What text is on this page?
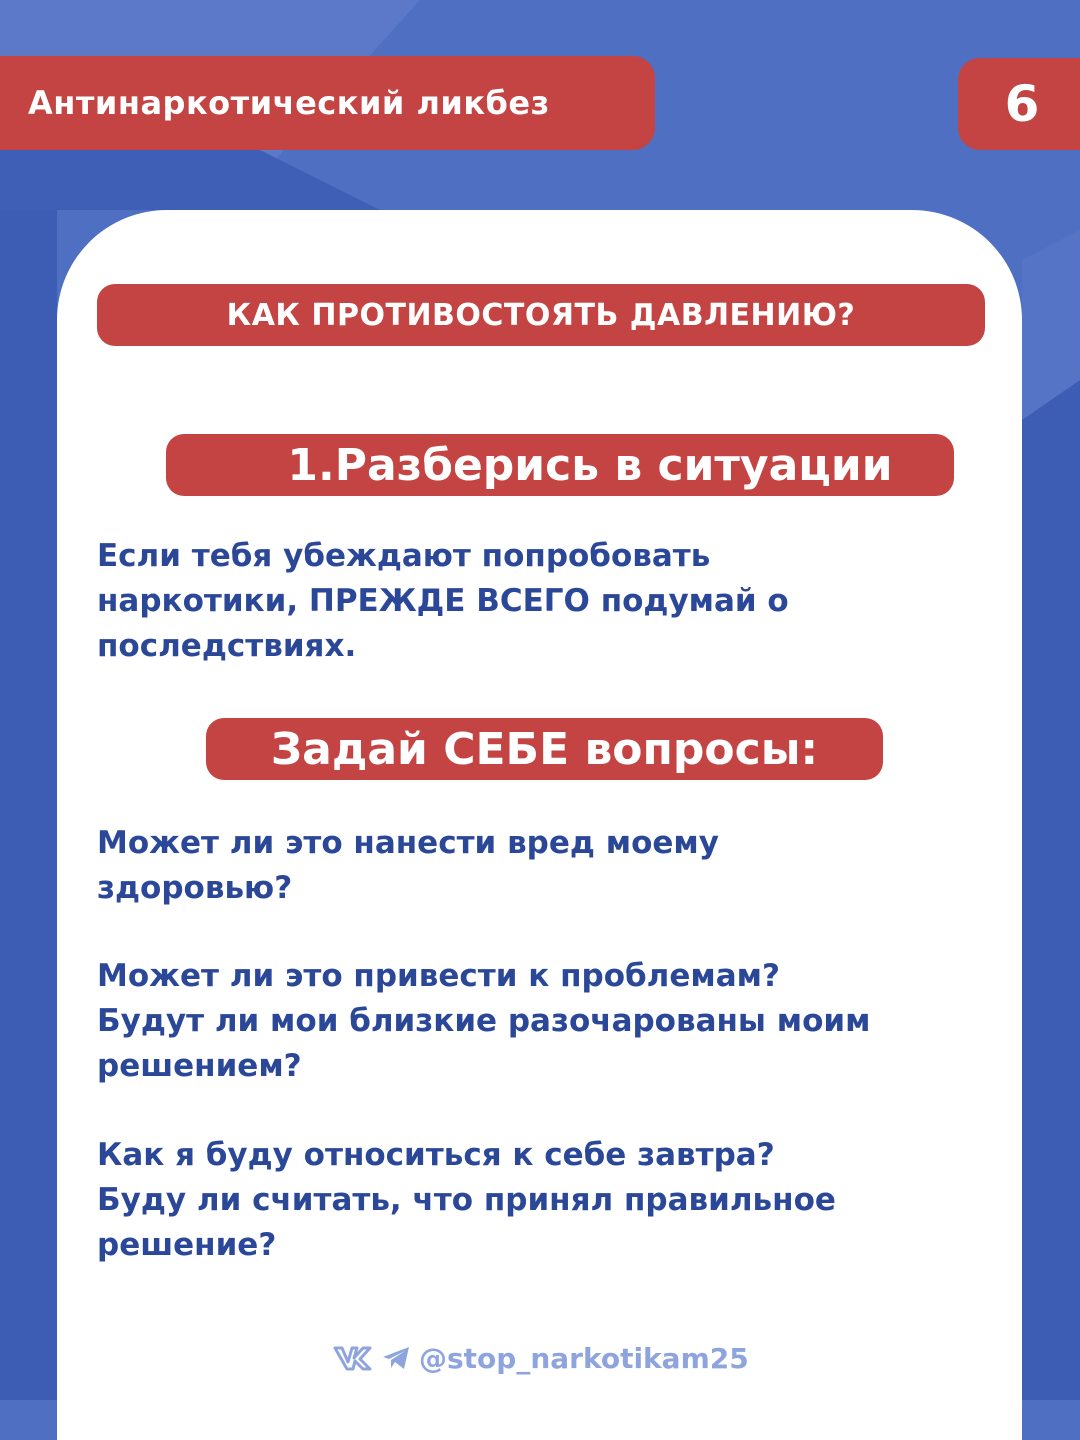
Антинаркотический ликбез	6
КАК ПРОТИВОСТОЯТЬ ДАВЛЕНИЮ?
1.Разберись в ситуации
Если тебя убеждают попробовать
наркотики, ПРЕЖДЕ ВСЕГО подумай о
последствиях.
Задай СЕБЕ вопросы:
Может ли это нанести вред моему
здоровью?
Может ли это привести к проблемам?
Будут ли мои близкие разочарованы моим
решением?
Как я буду относиться к себе завтра?
Буду ли считать, что принял правильное
решение?
@stop_narkotikam25
